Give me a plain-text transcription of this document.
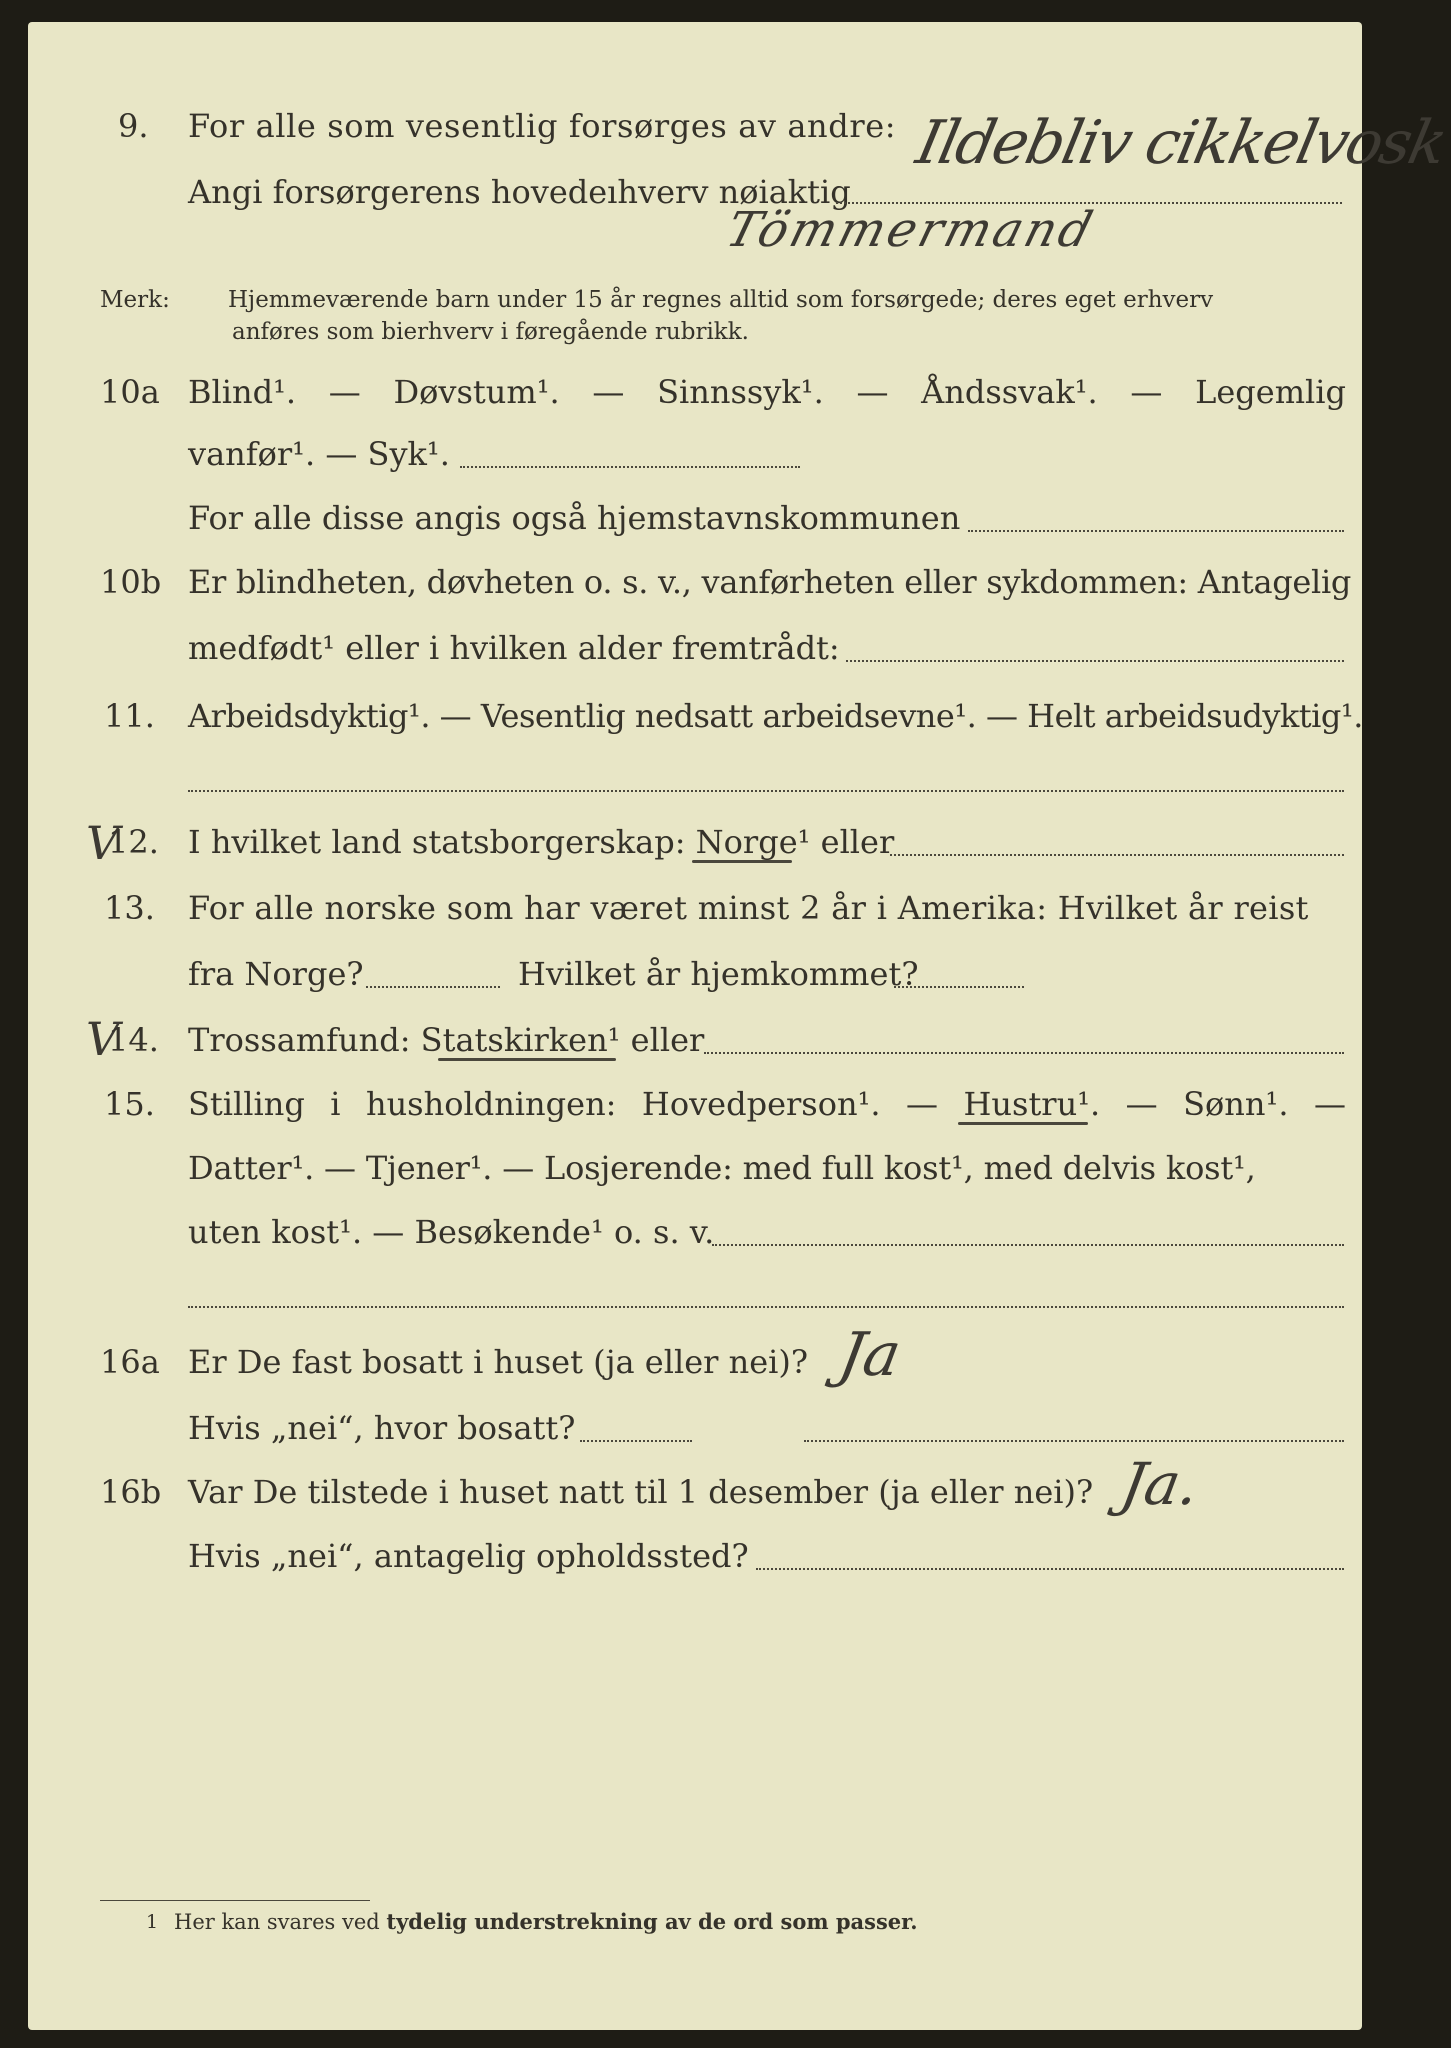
9. For alle som vesentlig forsørges av andre:
Angi forsørgerens hovedeıhverv nøiaktig
Ildebliv cikkelvosk
Tömmermand
Merk:	Hjemmeværende barn under 15 år regnes alltid som forsørgede; deres eget erhverv
anføres som bierhverv i føregående rubrikk.
10a Blind¹. — Døvstum¹. — Sinnssyk¹. — Åndssvak¹. — Legemlig
vanfør¹. — Syk¹.
For alle disse angis også hjemstavnskommunen
10b Er blindheten, døvheten o. s. v., vanførheten eller sykdommen: Antagelig
medfødt¹ eller i hvilken alder fremtrådt:
11. Arbeidsdyktig¹. — Vesentlig nedsatt arbeidsevne¹. — Helt arbeidsudyktig¹.
V
12. I hvilket land statsborgerskap: Norge¹ eller
13. For alle norske som har været minst 2 år i Amerika: Hvilket år reist
fra Norge?	Hvilket år hjemkommet?
V
14. Trossamfund: Statskirken¹ eller
15. Stilling i husholdningen: Hovedperson¹. — Hustru¹. — Sønn¹. —
Datter¹. — Tjener¹. — Losjerende: med full kost¹, med delvis kost¹,
uten kost¹. — Besøkende¹ o. s. v.
16a Er De fast bosatt i huset (ja eller nei)? Ja
Hvis „nei“, hvor bosatt?
16b Var De tilstede i huset natt til 1 desember (ja eller nei)? Ja.
Hvis „nei“, antagelig opholdssted?
1 Her kan svares ved tydelig understrekning av de ord som passer.
